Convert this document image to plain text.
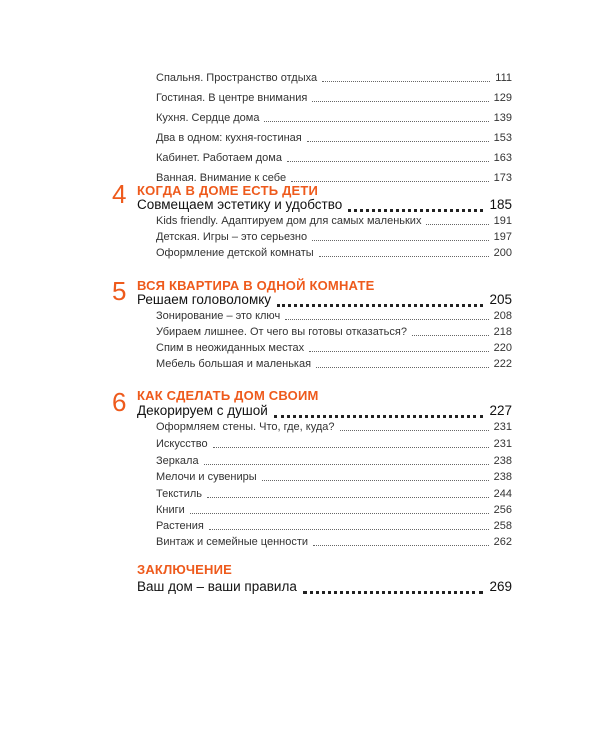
Спальня. Пространство отдыха	111
Гостиная. В центре внимания	129
Кухня. Сердце дома	139
Два в одном: кухня-гостиная	153
Кабинет. Работаем дома	163
Ванная. Внимание к себе	173
4 КОГДА В ДОМЕ ЕСТЬ ДЕТИ
Совмещаем эстетику и удобство	185
Kids friendly. Адаптируем дом для самых маленьких	191
Детская. Игры – это серьезно	197
Оформление детской комнаты	200
5 ВСЯ КВАРТИРА В ОДНОЙ КОМНАТЕ
Решаем головоломку	205
Зонирование – это ключ	208
Убираем лишнее. От чего вы готовы отказаться?	218
Спим в неожиданных местах	220
Мебель большая и маленькая	222
6 КАК СДЕЛАТЬ ДОМ СВОИМ
Декорируем с душой	227
Оформляем стены. Что, где, куда?	231
Искусство	231
Зеркала	238
Мелочи и сувениры	238
Текстиль	244
Книги	256
Растения	258
Винтаж и семейные ценности	262
ЗАКЛЮЧЕНИЕ
Ваш дом – ваши правила	269
